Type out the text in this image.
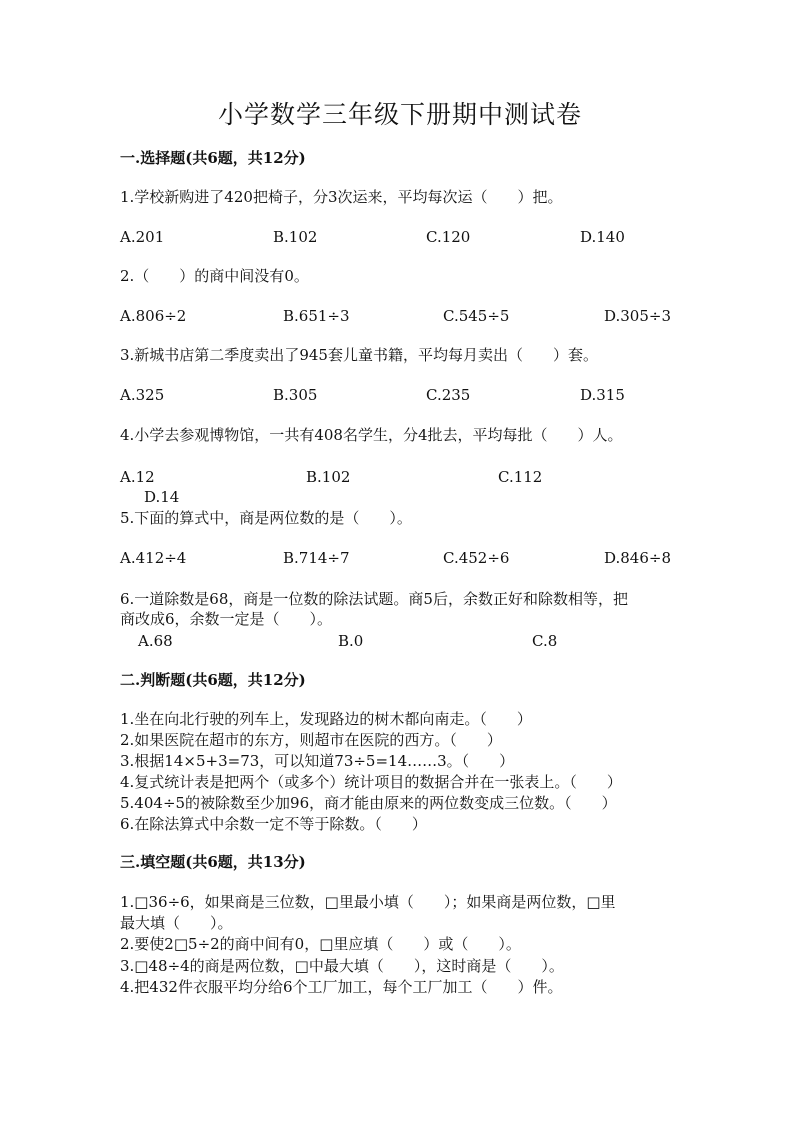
小学数学三年级下册期中测试卷
一.选择题(共6题，共12分)
1.学校新购进了420把椅子，分3次运来，平均每次运（　　）把。
A.201	B.102	C.120	D.140
2.（　　）的商中间没有0。
A.806÷2	B.651÷3	C.545÷5	D.305÷3
3.新城书店第二季度卖出了945套儿童书籍，平均每月卖出（　　）套。
A.325	B.305	C.235	D.315
4.小学去参观博物馆，一共有408名学生，分4批去，平均每批（　　）人。
A.12	B.102	C.112
D.14
5.下面的算式中，商是两位数的是（　　）。
A.412÷4	B.714÷7	C.452÷6	D.846÷8
6.一道除数是68，商是一位数的除法试题。商5后，余数正好和除数相等，把
商改成6，余数一定是（　　）。
A.68	B.0	C.8
二.判断题(共6题，共12分)
1.坐在向北行驶的列车上，发现路边的树木都向南走。（　　）
2.如果医院在超市的东方，则超市在医院的西方。（　　）
3.根据14×5+3=73，可以知道73÷5=14……3。（　　）
4.复式统计表是把两个（或多个）统计项目的数据合并在一张表上。（　　）
5.404÷5的被除数至少加96，商才能由原来的两位数变成三位数。（　　）
6.在除法算式中余数一定不等于除数。（　　）
三.填空题(共6题，共13分)
1.□36÷6，如果商是三位数，□里最小填（　　）；如果商是两位数，□里
最大填（　　）。
2.要使2□5÷2的商中间有0，□里应填（　　）或（　　）。
3.□48÷4的商是两位数，□中最大填（　　），这时商是（　　）。
4.把432件衣服平均分给6个工厂加工，每个工厂加工（　　）件。
